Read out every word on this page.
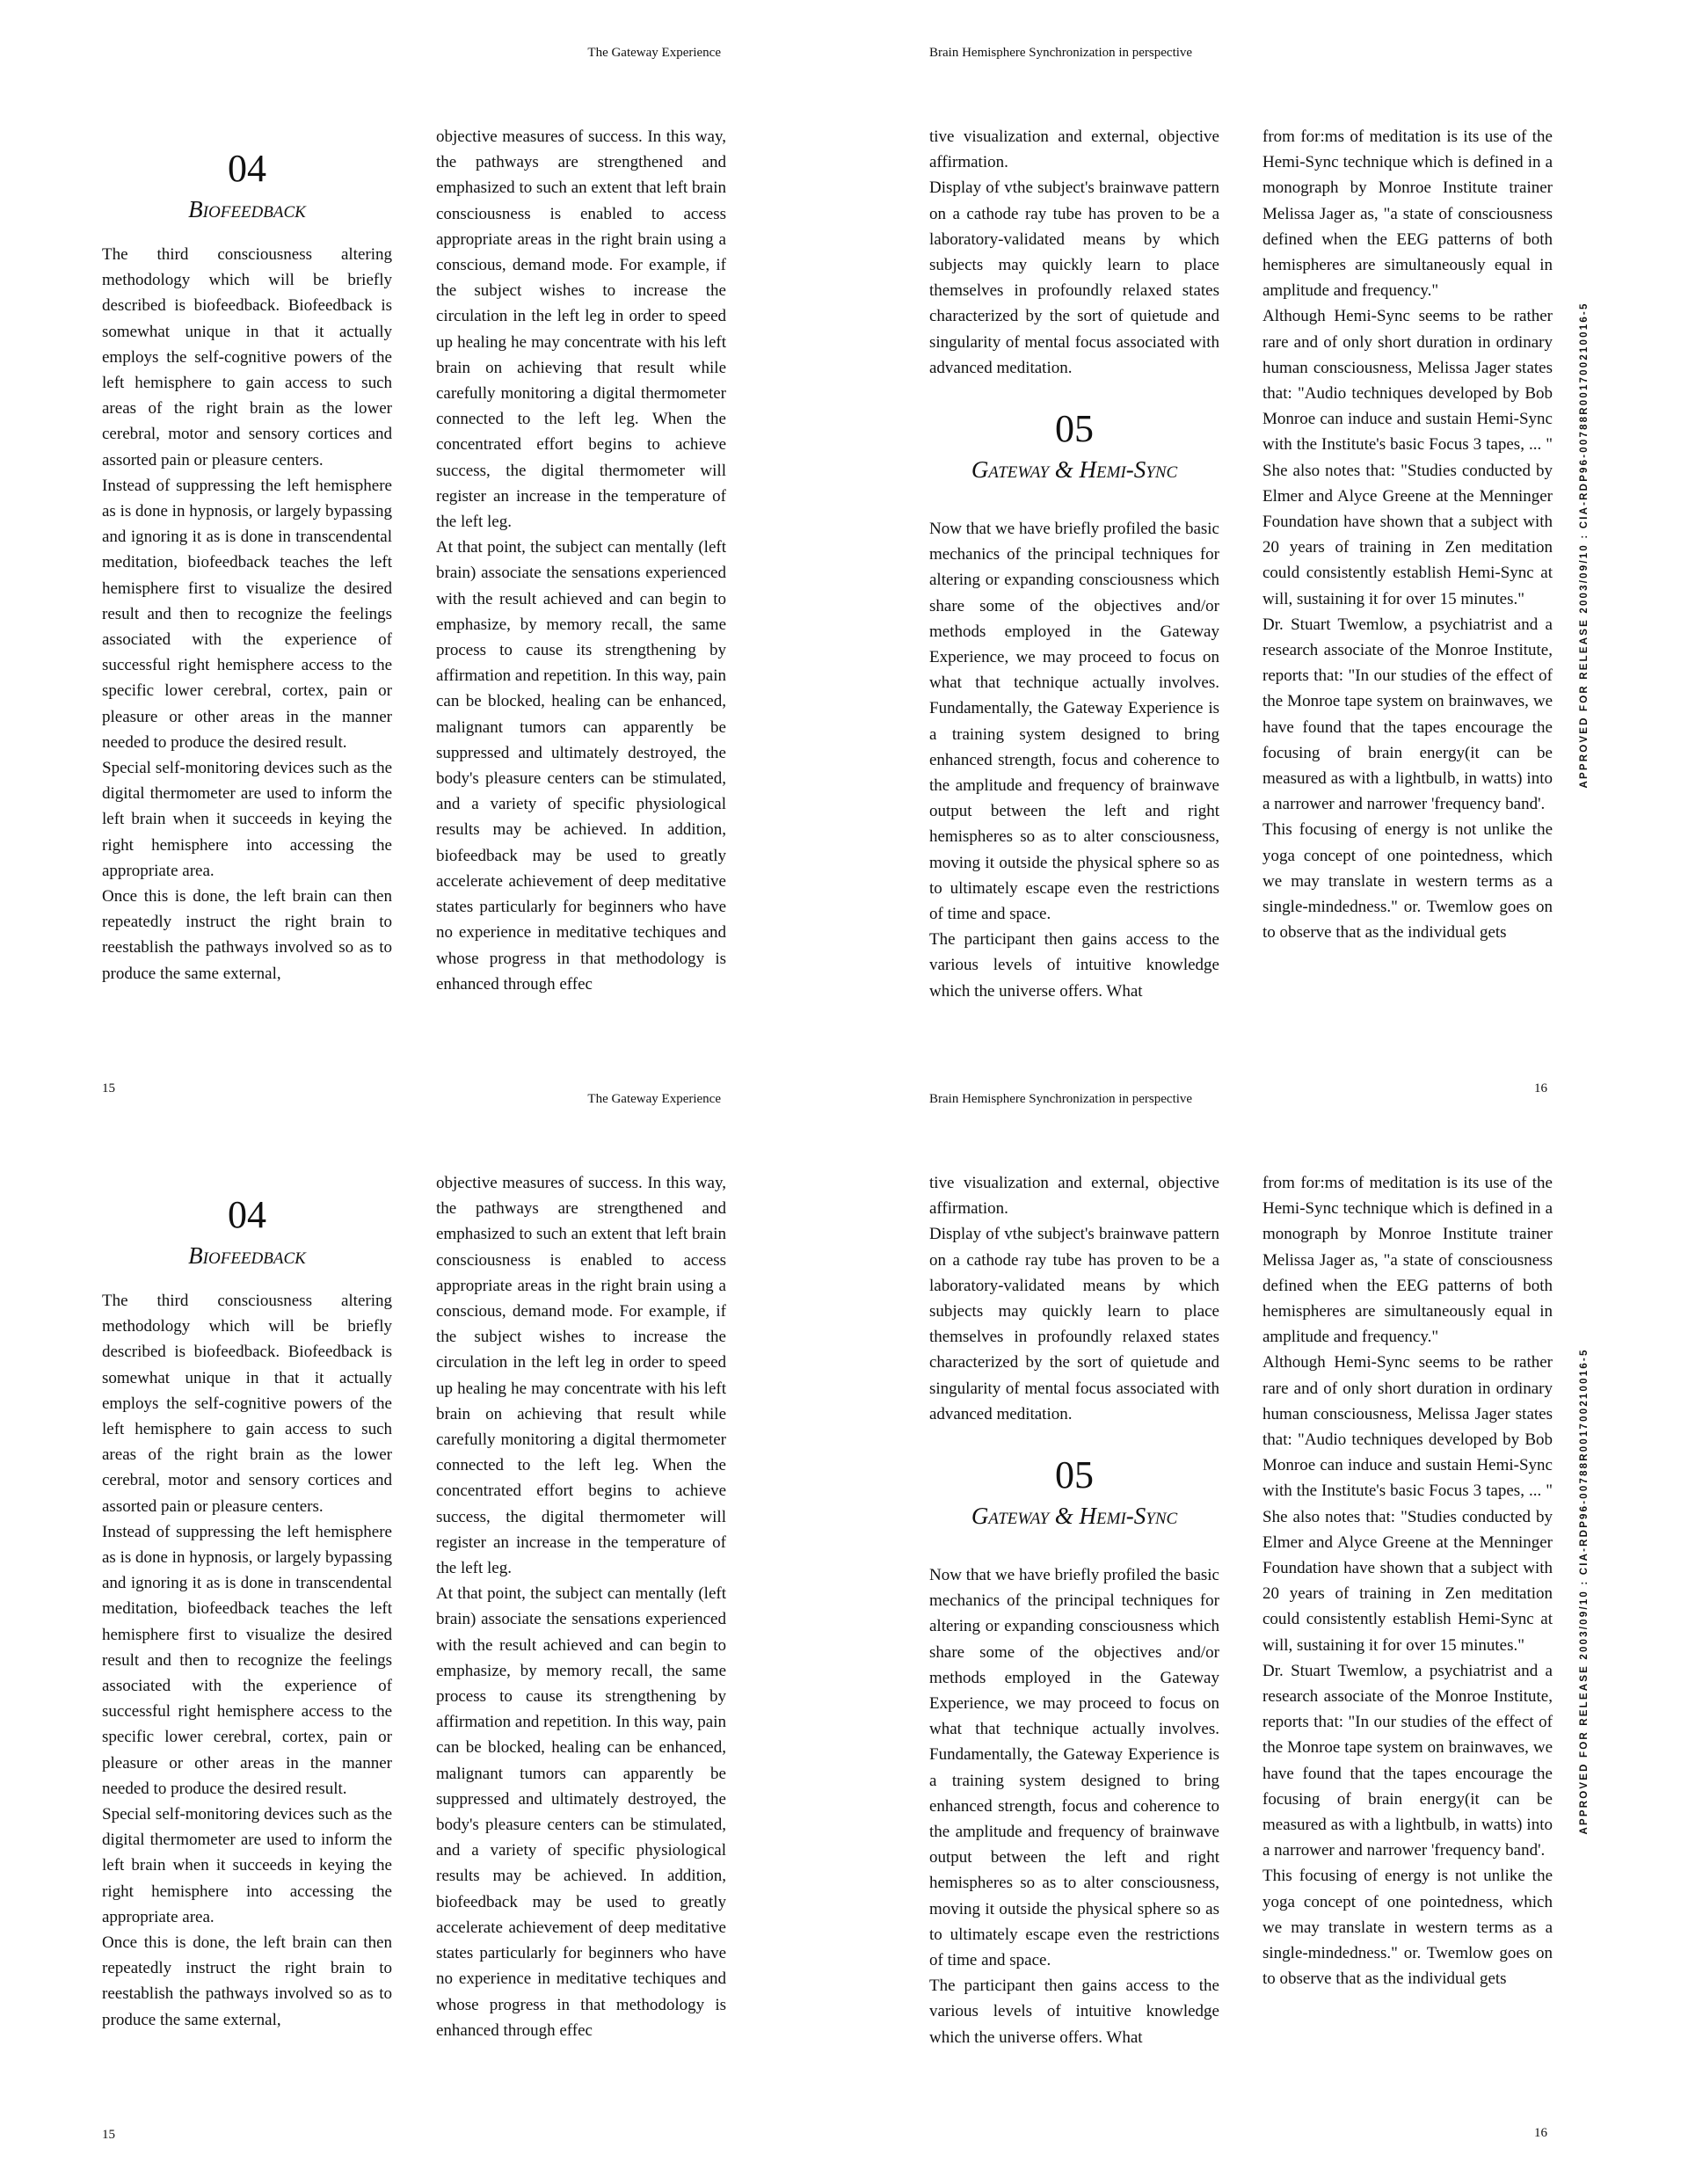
The Gateway Experience	Brain Hemisphere Synchronization in perspective
04
Biofeedback

The third consciousness altering methodology which will be briefly described is biofeedback. Biofeedback is somewhat unique in that it actually employs the self-cognitive powers of the left hemisphere to gain access to such areas of the right brain as the lower cerebral, motor and sensory cortices and assorted pain or pleasure centers.

Instead of suppressing the left hemisphere as is done in hypnosis, or largely bypassing and ignoring it as is done in transcendental meditation, biofeedback teaches the left hemisphere first to visualize the desired result and then to recognize the feelings associated with the experience of successful right hemisphere access to the specific lower cerebral, cortex, pain or pleasure or other areas in the manner needed to produce the desired result.

Special self-monitoring devices such as the digital thermometer are used to inform the left brain when it succeeds in keying the right hemisphere into accessing the appropriate area.

Once this is done, the left brain can then repeatedly instruct the right brain to reestablish the pathways involved so as to produce the same external,

objective measures of success. In this way, the pathways are strengthened and emphasized to such an extent that left brain consciousness is enabled to access appropriate areas in the right brain using a conscious, demand mode. For example, if the subject wishes to increase the circulation in the left leg in order to speed up healing he may concentrate with his left brain on achieving that result while carefully monitoring a digital thermometer connected to the left leg. When the concentrated effort begins to achieve success, the digital thermometer will register an increase in the temperature of the left leg.

At that point, the subject can mentally (left brain) associate the sensations experienced with the result achieved and can begin to emphasize, by memory recall, the same process to cause its strengthening by affirmation and repetition. In this way, pain can be blocked, healing can be enhanced, malignant tumors can apparently be suppressed and ultimately destroyed, the body's pleasure centers can be stimulated, and a variety of specific physiological results may be achieved. In addition, biofeedback may be used to greatly accelerate achievement of deep meditative states particularly for beginners who have no experience in meditative techiques and whose progress in that methodology is enhanced through effec

tive visualization and external, objective affirmation.

Display of vthe subject's brainwave pattern on a cathode ray tube has proven to be a laboratory-validated means by which subjects may quickly learn to place themselves in profoundly relaxed states characterized by the sort of quietude and singularity of mental focus associated with advanced meditation.

05
Gateway & Hemi-Sync

Now that we have briefly profiled the basic mechanics of the principal techniques for altering or expanding consciousness which share some of the objectives and/or methods employed in the Gateway Experience, we may proceed to focus on what that technique actually involves. Fundamentally, the Gateway Experience is a training system designed to bring enhanced strength, focus and coherence to the amplitude and frequency of brainwave output between the left and right hemispheres so as to alter consciousness, moving it outside the physical sphere so as to ultimately escape even the restrictions of time and space.

The participant then gains access to the various levels of intuitive knowledge which the universe offers. What

from for:ms of meditation is its use of the Hemi-Sync technique which is defined in a monograph by Monroe Institute trainer Melissa Jager as, "a state of consciousness defined when the EEG patterns of both hemispheres are simultaneously equal in amplitude and frequency."

Although Hemi-Sync seems to be rather rare and of only short duration in ordinary human consciousness, Melissa Jager states that: "Audio techniques developed by Bob Monroe can induce and sustain Hemi-Sync with the Institute's basic Focus 3 tapes, ... " She also notes that: "Studies conducted by Elmer and Alyce Greene at the Menninger Foundation have shown that a subject with 20 years of training in Zen meditation could consistently establish Hemi-Sync at will, sustaining it for over 15 minutes."

Dr. Stuart Twemlow, a psychiatrist and a research associate of the Monroe Institute, reports that: "In our studies of the effect of the Monroe tape system on brainwaves, we have found that the tapes encourage the focusing of brain energy(it can be measured as with a lightbulb, in watts) into a narrower and narrower 'frequency band'.

This focusing of energy is not unlike the yoga concept of one pointedness, which we may translate in western terms as a single-mindedness." or. Twemlow goes on to observe that as the individual gets

15	16
APPROVED FOR RELEASE 2003/09/10 : CIA-RDP96-00788R001700210016-5
The Gateway Experience	Brain Hemisphere Synchronization in perspective
04
Biofeedback

The third consciousness altering methodology which will be briefly described is biofeedback. Biofeedback is somewhat unique in that it actually employs the self-cognitive powers of the left hemisphere to gain access to such areas of the right brain as the lower cerebral, motor and sensory cortices and assorted pain or pleasure centers.

Instead of suppressing the left hemisphere as is done in hypnosis, or largely bypassing and ignoring it as is done in transcendental meditation, biofeedback teaches the left hemisphere first to visualize the desired result and then to recognize the feelings associated with the experience of successful right hemisphere access to the specific lower cerebral, cortex, pain or pleasure or other areas in the manner needed to produce the desired result.

Special self-monitoring devices such as the digital thermometer are used to inform the left brain when it succeeds in keying the right hemisphere into accessing the appropriate area.

Once this is done, the left brain can then repeatedly instruct the right brain to reestablish the pathways involved so as to produce the same external,

objective measures of success. In this way, the pathways are strengthened and emphasized to such an extent that left brain consciousness is enabled to access appropriate areas in the right brain using a conscious, demand mode. For example, if the subject wishes to increase the circulation in the left leg in order to speed up healing he may concentrate with his left brain on achieving that result while carefully monitoring a digital thermometer connected to the left leg. When the concentrated effort begins to achieve success, the digital thermometer will register an increase in the temperature of the left leg.

At that point, the subject can mentally (left brain) associate the sensations experienced with the result achieved and can begin to emphasize, by memory recall, the same process to cause its strengthening by affirmation and repetition. In this way, pain can be blocked, healing can be enhanced, malignant tumors can apparently be suppressed and ultimately destroyed, the body's pleasure centers can be stimulated, and a variety of specific physiological results may be achieved. In addition, biofeedback may be used to greatly accelerate achievement of deep meditative states particularly for beginners who have no experience in meditative techiques and whose progress in that methodology is enhanced through effec

tive visualization and external, objective affirmation.

Display of vthe subject's brainwave pattern on a cathode ray tube has proven to be a laboratory-validated means by which subjects may quickly learn to place themselves in profoundly relaxed states characterized by the sort of quietude and singularity of mental focus associated with advanced meditation.

05
Gateway & Hemi-Sync

Now that we have briefly profiled the basic mechanics of the principal techniques for altering or expanding consciousness which share some of the objectives and/or methods employed in the Gateway Experience, we may proceed to focus on what that technique actually involves. Fundamentally, the Gateway Experience is a training system designed to bring enhanced strength, focus and coherence to the amplitude and frequency of brainwave output between the left and right hemispheres so as to alter consciousness, moving it outside the physical sphere so as to ultimately escape even the restrictions of time and space.

The participant then gains access to the various levels of intuitive knowledge which the universe offers. What

from for:ms of meditation is its use of the Hemi-Sync technique which is defined in a monograph by Monroe Institute trainer Melissa Jager as, "a state of consciousness defined when the EEG patterns of both hemispheres are simultaneously equal in amplitude and frequency."

Although Hemi-Sync seems to be rather rare and of only short duration in ordinary human consciousness, Melissa Jager states that: "Audio techniques developed by Bob Monroe can induce and sustain Hemi-Sync with the Institute's basic Focus 3 tapes, ... " She also notes that: "Studies conducted by Elmer and Alyce Greene at the Menninger Foundation have shown that a subject with 20 years of training in Zen meditation could consistently establish Hemi-Sync at will, sustaining it for over 15 minutes."

Dr. Stuart Twemlow, a psychiatrist and a research associate of the Monroe Institute, reports that: "In our studies of the effect of the Monroe tape system on brainwaves, we have found that the tapes encourage the focusing of brain energy(it can be measured as with a lightbulb, in watts) into a narrower and narrower 'frequency band'.

This focusing of energy is not unlike the yoga concept of one pointedness, which we may translate in western terms as a single-mindedness." or. Twemlow goes on to observe that as the individual gets

15	16
APPROVED FOR RELEASE 2003/09/10 : CIA-RDP96-00788R001700210016-5
